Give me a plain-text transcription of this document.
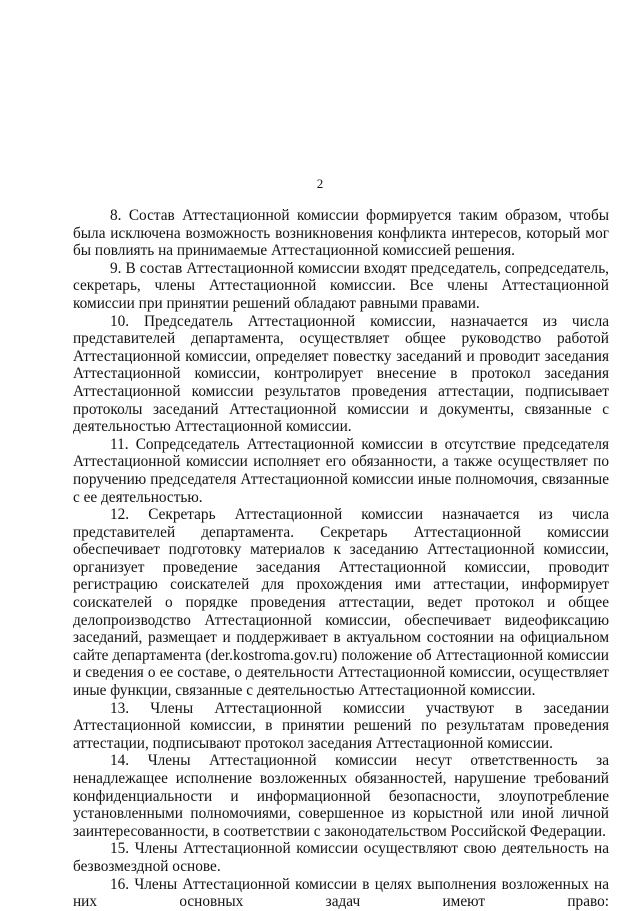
2

8. Состав Аттестационной комиссии формируется таким образом, чтобы была исключена возможность возникновения конфликта интересов, который мог бы повлиять на принимаемые Аттестационной комиссией решения.

9. В состав Аттестационной комиссии входят председатель, сопредседатель, секретарь, члены Аттестационной комиссии. Все члены Аттестационной комиссии при принятии решений обладают равными правами.

10. Председатель Аттестационной комиссии, назначается из числа представителей департамента, осуществляет общее руководство работой Аттестационной комиссии, определяет повестку заседаний и проводит заседания Аттестационной комиссии, контролирует внесение в протокол заседания Аттестационной комиссии результатов проведения аттестации, подписывает протоколы заседаний Аттестационной комиссии и документы, связанные с деятельностью Аттестационной комиссии.

11. Сопредседатель Аттестационной комиссии в отсутствие председателя Аттестационной комиссии исполняет его обязанности, а также осуществляет по поручению председателя Аттестационной комиссии иные полномочия, связанные с ее деятельностью.

12. Секретарь Аттестационной комиссии назначается из числа представителей департамента. Секретарь Аттестационной комиссии обеспечивает подготовку материалов к заседанию Аттестационной комиссии, организует проведение заседания Аттестационной комиссии, проводит регистрацию соискателей для прохождения ими аттестации, информирует соискателей о порядке проведения аттестации, ведет протокол и общее делопроизводство Аттестационной комиссии, обеспечивает видеофиксацию заседаний, размещает и поддерживает в актуальном состоянии на официальном сайте департамента (der.kostroma.gov.ru) положение об Аттестационной комиссии и сведения о ее составе, о деятельности Аттестационной комиссии, осуществляет иные функции, связанные с деятельностью Аттестационной комиссии.

13. Члены Аттестационной комиссии участвуют в заседании Аттестационной комиссии, в принятии решений по результатам проведения аттестации, подписывают протокол заседания Аттестационной комиссии.

14. Члены Аттестационной комиссии несут ответственность за ненадлежащее исполнение возложенных обязанностей, нарушение требований конфиденциальности и информационной безопасности, злоупотребление установленными полномочиями, совершенное из корыстной или иной личной заинтересованности, в соответствии с законодательством Российской Федерации.

15. Члены Аттестационной комиссии осуществляют свою деятельность на безвозмездной основе.

16. Члены Аттестационной комиссии в целях выполнения возложенных на них основных задач имеют право:
